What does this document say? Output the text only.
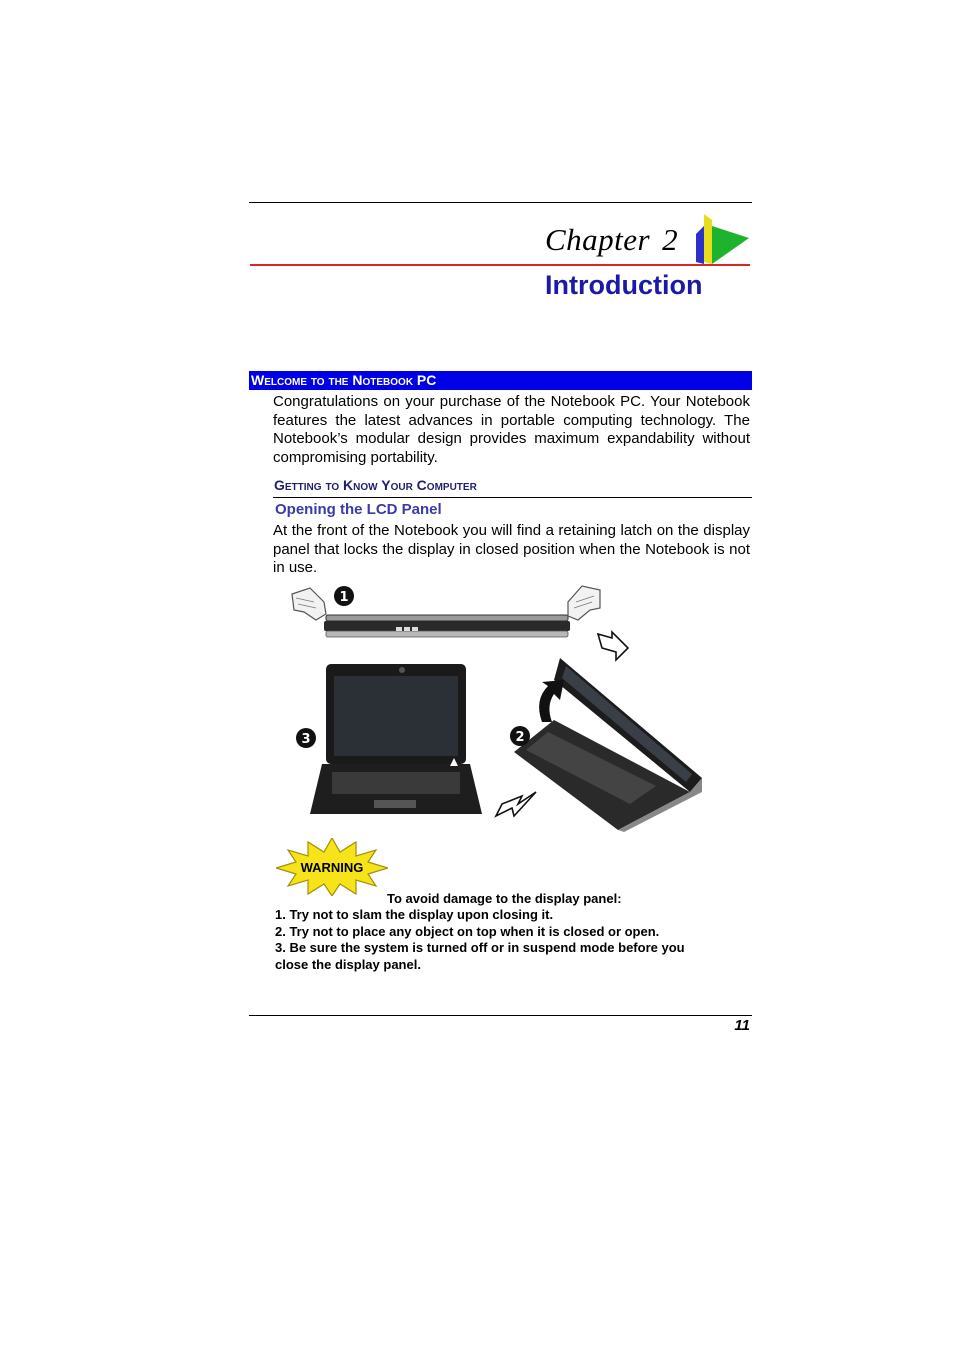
Chapter 2
Introduction
Welcome to the Notebook PC
Congratulations on your purchase of the Notebook PC. Your Notebook features the latest advances in portable computing technology. The Notebook’s modular design provides maximum expandability without compromising portability.
Getting to Know Your Computer
Opening the LCD Panel
At the front of the Notebook you will find a retaining latch on the display panel that locks the display in closed position when the Notebook is not in use.
1
3	2
WARNING
To avoid damage to the display panel:
1. Try not to slam the display upon closing it.
2. Try not to place any object on top when it is closed or open.
3. Be sure the system is turned off or in suspend mode before you
close the display panel.
11
